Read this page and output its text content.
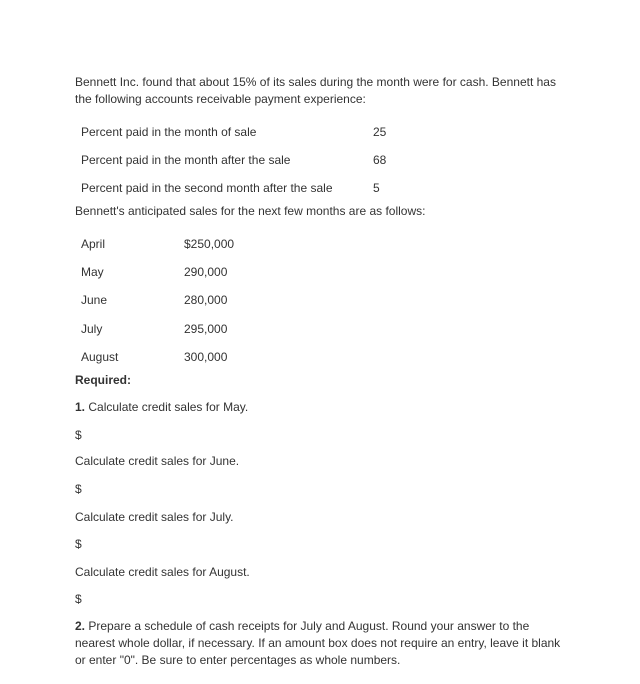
Bennett Inc. found that about 15% of its sales during the month were for cash. Bennett has the following accounts receivable payment experience:

Percent paid in the month of sale	25
Percent paid in the month after the sale	68
Percent paid in the second month after the sale	5
Bennett's anticipated sales for the next few months are as follows:
April	$250,000
May	290,000
June	280,000
July	295,000
August	300,000
Required:
1. Calculate credit sales for May.
$
Calculate credit sales for June.
$
Calculate credit sales for July.
$
Calculate credit sales for August.
$

2. Prepare a schedule of cash receipts for July and August. Round your answer to the nearest whole dollar, if necessary. If an amount box does not require an entry, leave it blank or enter "0". Be sure to enter percentages as whole numbers.
